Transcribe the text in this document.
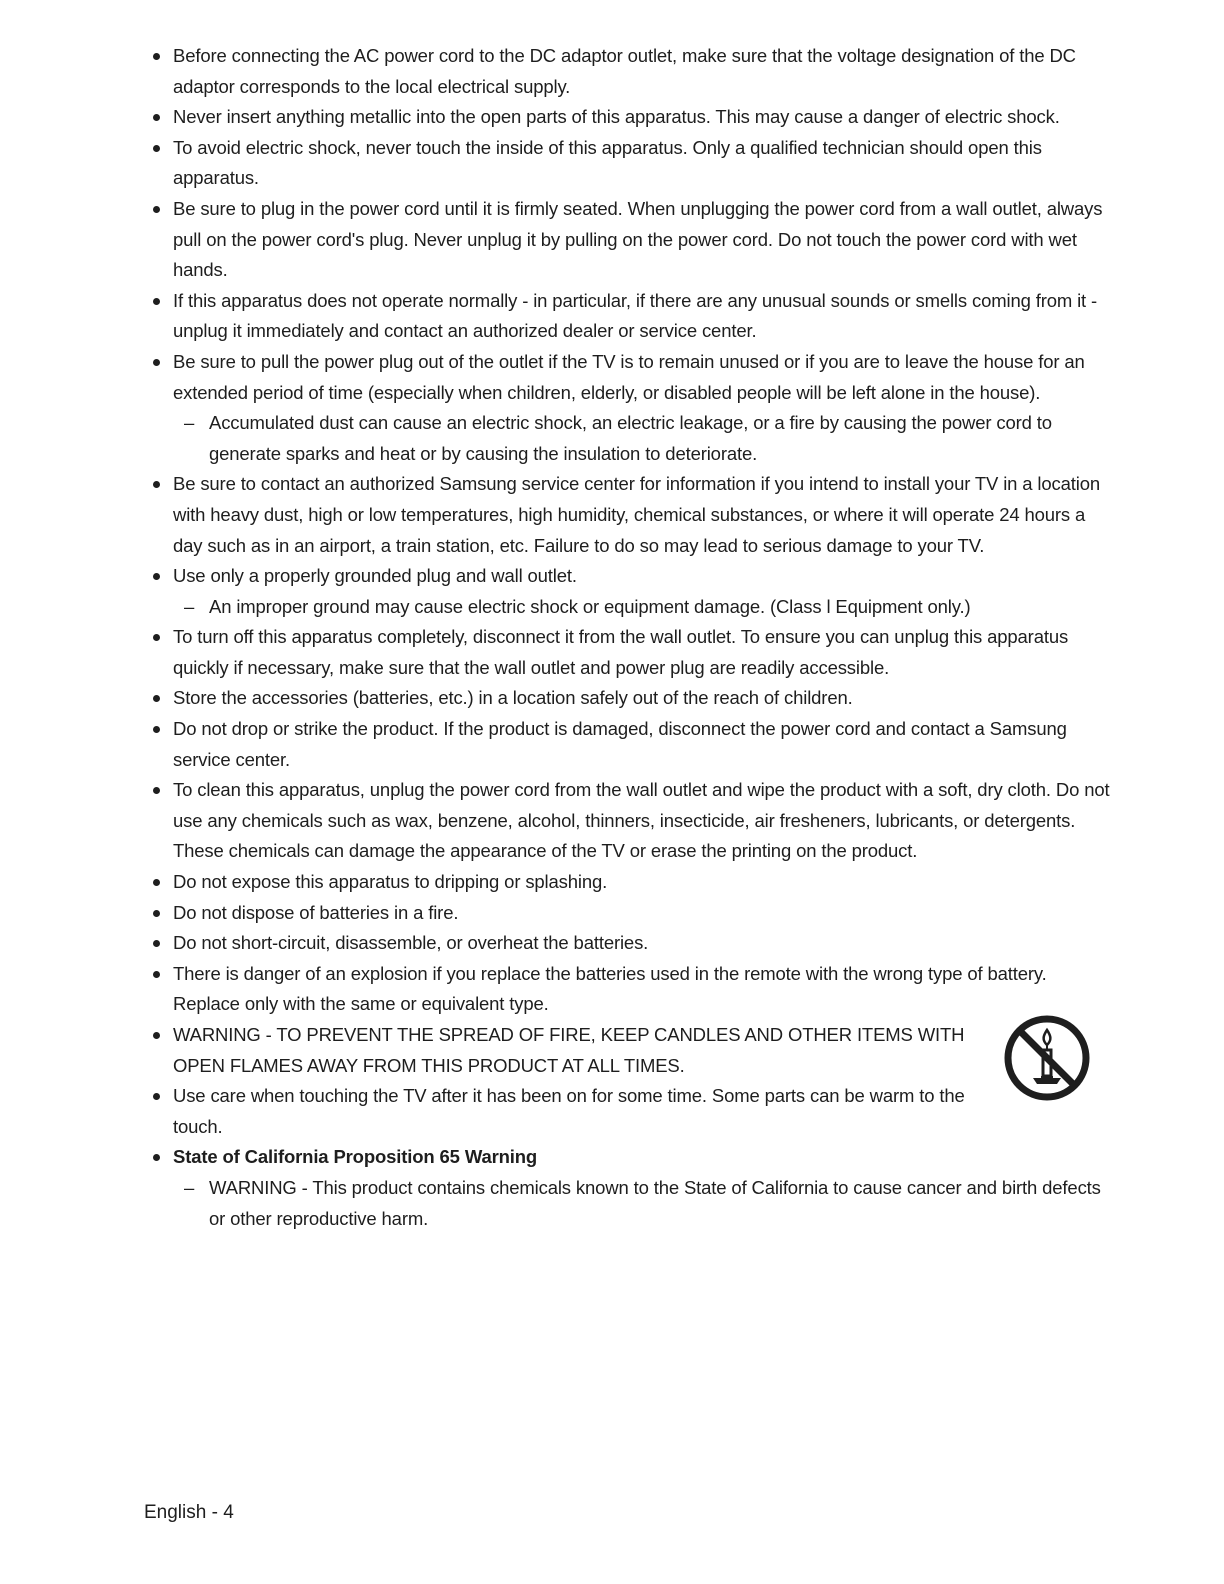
Before connecting the AC power cord to the DC adaptor outlet, make sure that the voltage designation of the DC adaptor corresponds to the local electrical supply.
Never insert anything metallic into the open parts of this apparatus. This may cause a danger of electric shock.
To avoid electric shock, never touch the inside of this apparatus. Only a qualified technician should open this apparatus.
Be sure to plug in the power cord until it is firmly seated. When unplugging the power cord from a wall outlet, always pull on the power cord's plug. Never unplug it by pulling on the power cord. Do not touch the power cord with wet hands.
If this apparatus does not operate normally - in particular, if there are any unusual sounds or smells coming from it - unplug it immediately and contact an authorized dealer or service center.
Be sure to pull the power plug out of the outlet if the TV is to remain unused or if you are to leave the house for an extended period of time (especially when children, elderly, or disabled people will be left alone in the house).
– Accumulated dust can cause an electric shock, an electric leakage, or a fire by causing the power cord to generate sparks and heat or by causing the insulation to deteriorate.
Be sure to contact an authorized Samsung service center for information if you intend to install your TV in a location with heavy dust, high or low temperatures, high humidity, chemical substances, or where it will operate 24 hours a day such as in an airport, a train station, etc. Failure to do so may lead to serious damage to your TV.
Use only a properly grounded plug and wall outlet.
– An improper ground may cause electric shock or equipment damage. (Class l Equipment only.)
To turn off this apparatus completely, disconnect it from the wall outlet. To ensure you can unplug this apparatus quickly if necessary, make sure that the wall outlet and power plug are readily accessible.
Store the accessories (batteries, etc.) in a location safely out of the reach of children.
Do not drop or strike the product. If the product is damaged, disconnect the power cord and contact a Samsung service center.
To clean this apparatus, unplug the power cord from the wall outlet and wipe the product with a soft, dry cloth. Do not use any chemicals such as wax, benzene, alcohol, thinners, insecticide, air fresheners, lubricants, or detergents. These chemicals can damage the appearance of the TV or erase the printing on the product.
Do not expose this apparatus to dripping or splashing.
Do not dispose of batteries in a fire.
Do not short-circuit, disassemble, or overheat the batteries.
There is danger of an explosion if you replace the batteries used in the remote with the wrong type of battery. Replace only with the same or equivalent type.
WARNING - TO PREVENT THE SPREAD OF FIRE, KEEP CANDLES AND OTHER ITEMS WITH OPEN FLAMES AWAY FROM THIS PRODUCT AT ALL TIMES.
Use care when touching the TV after it has been on for some time. Some parts can be warm to the touch.
State of California Proposition 65 Warning
– WARNING - This product contains chemicals known to the State of California to cause cancer and birth defects or other reproductive harm.
English - 4
